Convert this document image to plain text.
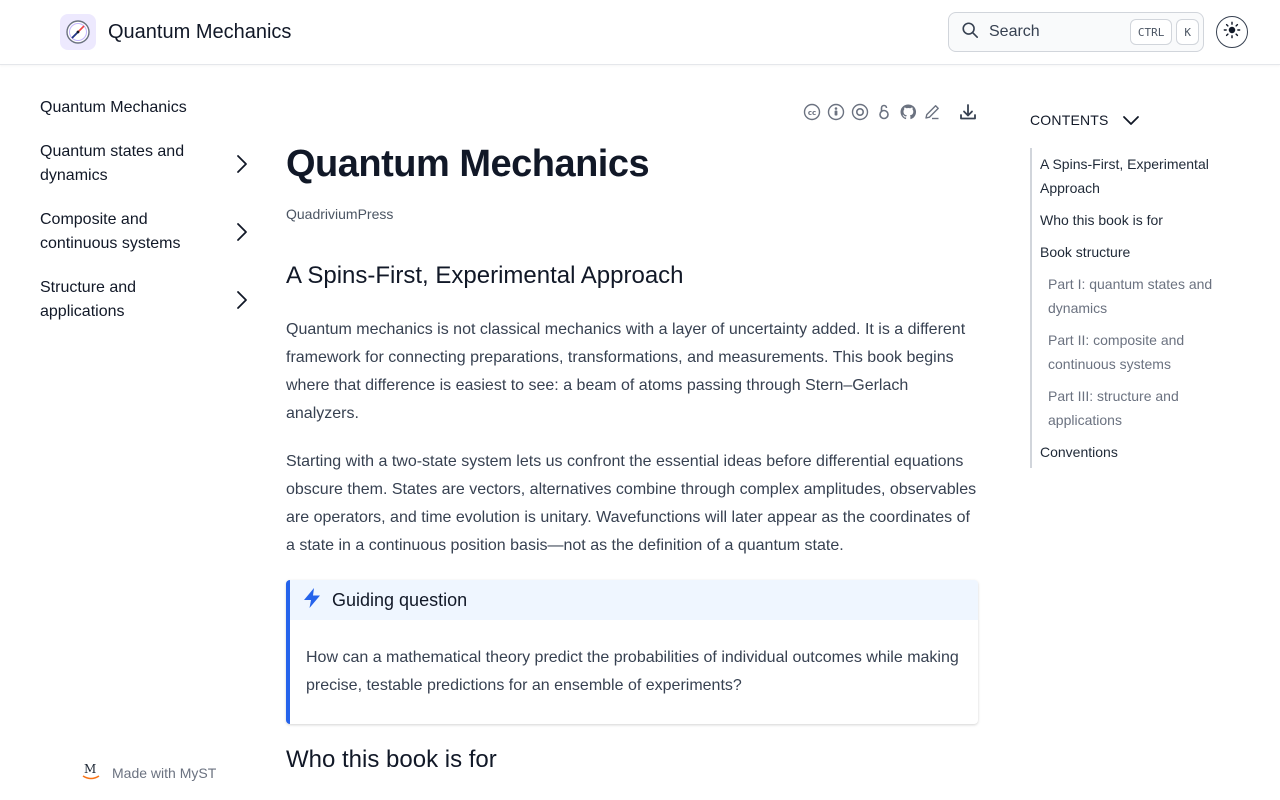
Quantum Mechanics	Search	CTRL	K
Quantum Mechanics
Quantum states and dynamics
Composite and continuous systems
Structure and applications
M Made with MyST
cc
Quantum Mechanics
QuadriviumPress
A Spins-First, Experimental Approach

Quantum mechanics is not classical mechanics with a layer of uncertainty added. It is a different framework for connecting preparations, transformations, and measurements. This book begins where that difference is easiest to see: a beam of atoms passing through Stern–Gerlach analyzers.

Starting with a two-state system lets us confront the essential ideas before differential equations obscure them. States are vectors, alternatives combine through complex amplitudes, observables are operators, and time evolution is unitary. Wavefunctions will later appear as the coordinates of a state in a continuous position basis—not as the definition of a quantum state.

Guiding question
How can a mathematical theory predict the probabilities of individual outcomes while making precise, testable predictions for an ensemble of experiments?
Who this book is for
CONTENTS
A Spins-First, Experimental Approach
Who this book is for
Book structure
Part I: quantum states and dynamics
Part II: composite and continuous systems
Part III: structure and applications
Conventions
